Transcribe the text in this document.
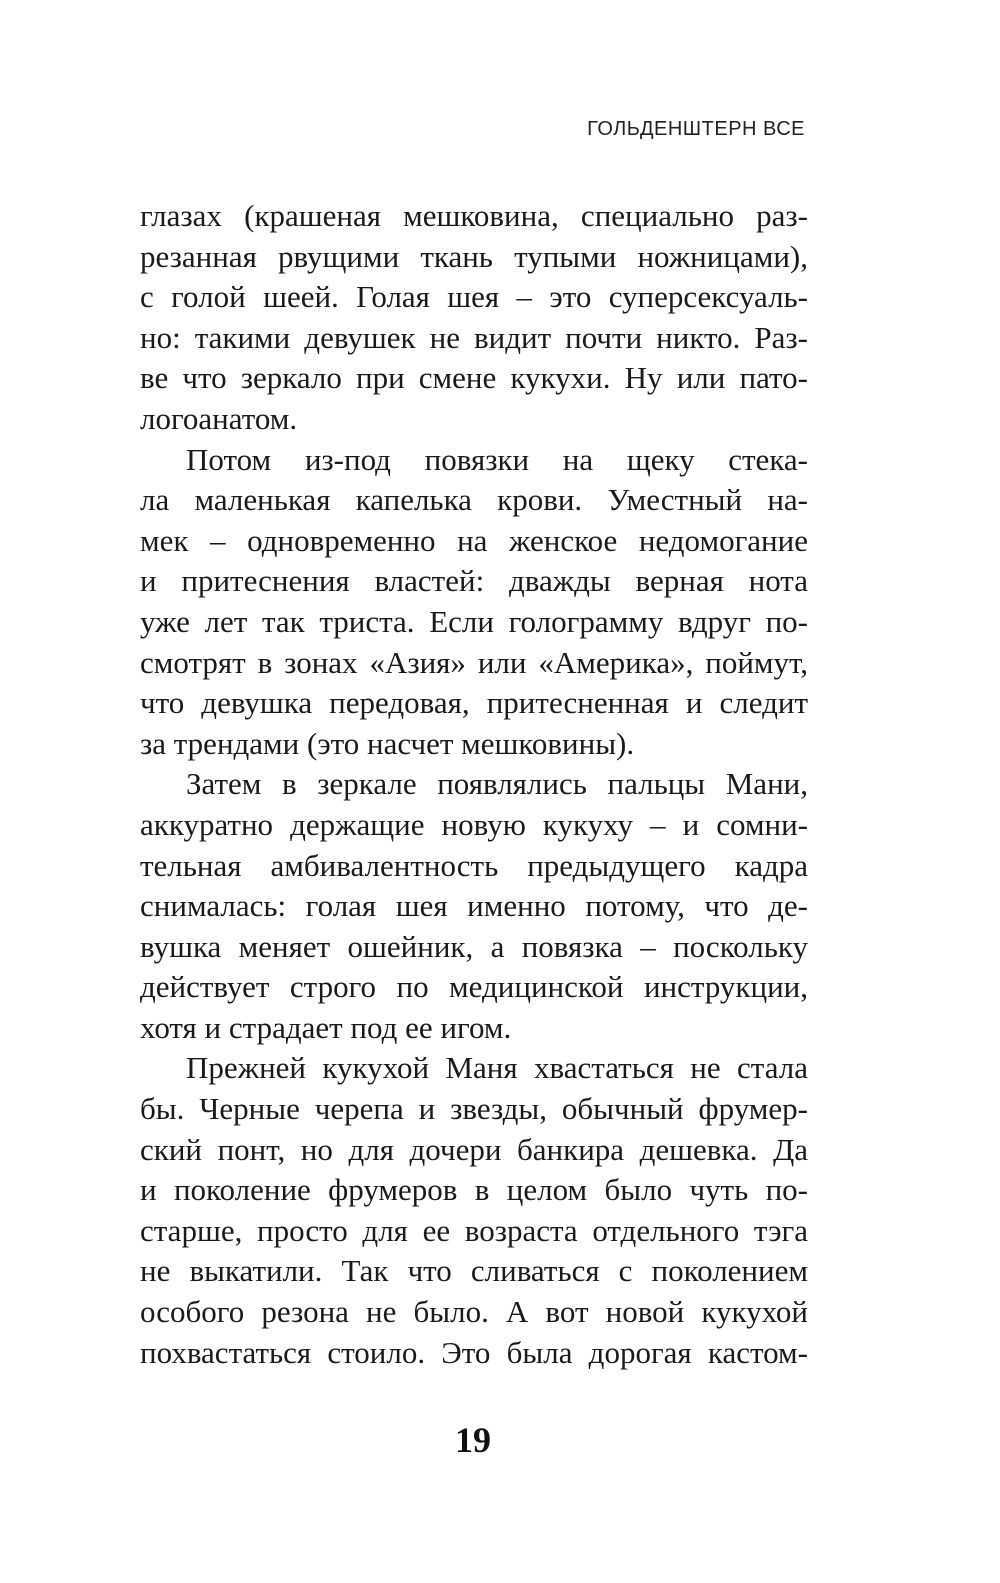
ГОЛЬДЕНШТЕРН ВСЕ
глазах (крашеная мешковина, специально раз-
резанная рвущими ткань тупыми ножницами),
с голой шеей. Голая шея – это суперсексуаль-
но: такими девушек не видит почти никто. Раз-
ве что зеркало при смене кукухи. Ну или пато-
логоанатом.
Потом из-под повязки на щеку стека-
ла маленькая капелька крови. Уместный на-
мек – одновременно на женское недомогание
и притеснения властей: дважды верная нота
уже лет так триста. Если голограмму вдруг по-
смотрят в зонах «Азия» или «Америка», поймут,
что девушка передовая, притесненная и следит
за трендами (это насчет мешковины).
Затем в зеркале появлялись пальцы Мани,
аккуратно держащие новую кукуху – и сомни-
тельная амбивалентность предыдущего кадра
снималась: голая шея именно потому, что де-
вушка меняет ошейник, а повязка – поскольку
действует строго по медицинской инструкции,
хотя и страдает под ее игом.
Прежней кукухой Маня хвастаться не стала
бы. Черные черепа и звезды, обычный фрумер-
ский понт, но для дочери банкира дешевка. Да
и поколение фрумеров в целом было чуть по-
старше, просто для ее возраста отдельного тэга
не выкатили. Так что сливаться с поколением
особого резона не было. А вот новой кукухой
похвастаться стоило. Это была дорогая кастом-
19
